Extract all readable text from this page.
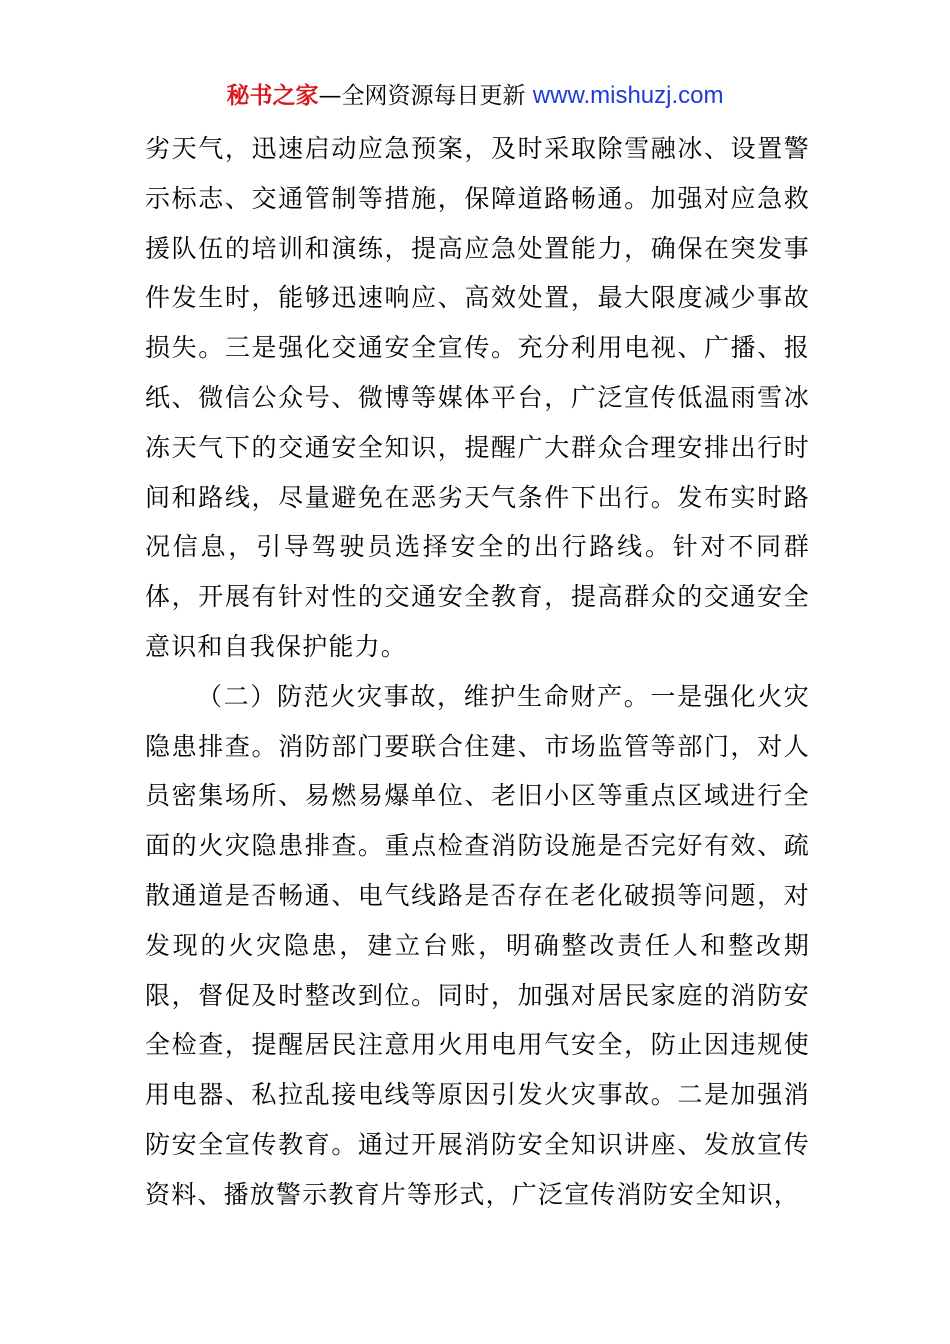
秘书之家—全网资源每日更新 www.mishuzj.com

劣天气，迅速启动应急预案，及时采取除雪融冰、设置警示标志、交通管制等措施，保障道路畅通。加强对应急救援队伍的培训和演练，提高应急处置能力，确保在突发事件发生时，能够迅速响应、高效处置，最大限度减少事故损失。三是强化交通安全宣传。充分利用电视、广播、报纸、微信公众号、微博等媒体平台，广泛宣传低温雨雪冰冻天气下的交通安全知识，提醒广大群众合理安排出行时间和路线，尽量避免在恶劣天气条件下出行。发布实时路况信息，引导驾驶员选择安全的出行路线。针对不同群体，开展有针对性的交通安全教育，提高群众的交通安全意识和自我保护能力。

（二）防范火灾事故，维护生命财产。一是强化火灾隐患排查。消防部门要联合住建、市场监管等部门，对人员密集场所、易燃易爆单位、老旧小区等重点区域进行全面的火灾隐患排查。重点检查消防设施是否完好有效、疏散通道是否畅通、电气线路是否存在老化破损等问题，对发现的火灾隐患，建立台账，明确整改责任人和整改期限，督促及时整改到位。同时，加强对居民家庭的消防安全检查，提醒居民注意用火用电用气安全，防止因违规使用电器、私拉乱接电线等原因引发火灾事故。二是加强消防安全宣传教育。通过开展消防安全知识讲座、发放宣传资料、播放警示教育片等形式，广泛宣传消防安全知识，
